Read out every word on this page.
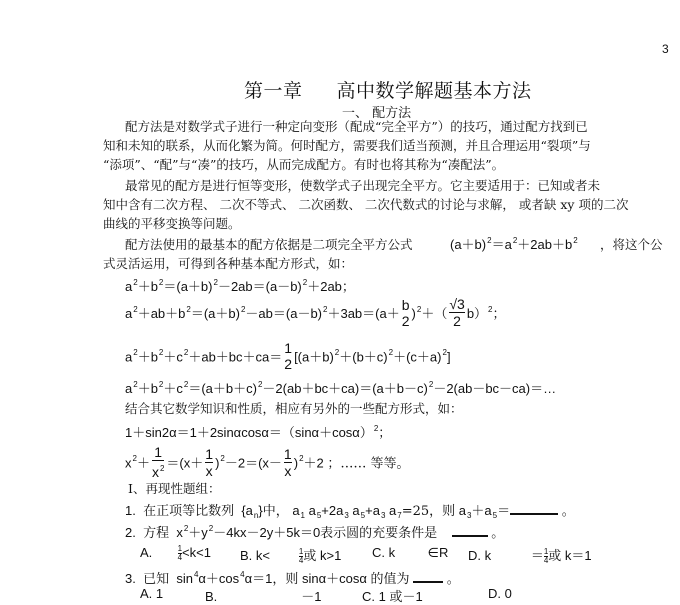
3
第一章 高中数学解题基本方法
一、 配方法
配方法是对数学式子进行一种定向变形（配成“完全平方”）的技巧，通过配方找到已
知和未知的联系，从而化繁为简。何时配方，需要我们适当预测，并且合理运用“裂项”与
“添项”、“配”与“凑”的技巧，从而完成配方。有时也将其称为“凑配法”。
最常见的配方是进行恒等变形，使数学式子出现完全平方。它主要适用于：已知或者未
知中含有二次方程、 二次不等式、 二次函数、 二次代数式的讨论与求解， 或者缺 xy 项的二次
曲线的平移变换等问题。
配方法使用的最基本的配方依据是二项完全平方公式	$(a+b)^2=a^2+2ab+b^2$ ，将这个公
式灵活运用，可得到各种基本配方形式，如：
$a^2+b^2=(a+b)^2-2ab=(a-b)^2+2ab$；
$a^2+ab+b^2=(a+b)^2-ab=(a-b)^2+3ab=(a+$
b
2 )$^2+( \frac{√3}{2} b)^2$；
$a^2+b^2+c^2+ab+bc+ca=$
1
2 $[(a+b)^2+(b+c)^2+(c+a)^2]$
$a^2+b^2+c^2=(a+b+c)^2-2(ab+bc+ca)=(a+b-c)^2-2(ab-bc-ca)=\dots$
结合其它数学知识和性质，相应有另外的一些配方形式，如：
$1+\sin 2\alpha=1+2\sin\alpha\cos\alpha=(\sin\alpha+\cos\alpha)^2$；
$x^2+ \frac{1}{x^2} =(x+ \frac{1}{x} )^2-2=(x- \frac{1}{x} )^2+2$ ；…… 等等。
Ⅰ、再现性题组：
1. 在正项等比数列  $\{a_n\}$中， $a_1$ $a_5+2a_3$ $a_5+a_3$ $a_7=25$，则 $a_3+a_5=$	。
2. 方程  $x^2+y^2-4kx-2y+5k=0$表示圆的充要条件是	。
A.	$\frac{1}{4} <k<1$ B. $k< \frac{1}{4}$ 或 k>1 C. k         ∈R D. k           ＝ $\frac{1}{4}$ 或 k＝1
3. 已知  $\sin^4\alpha+\cos^4\alpha=1$，则 sinα＋cosα 的值为	。
A. 1	B.	－1	C. 1 或－1	D. 0
